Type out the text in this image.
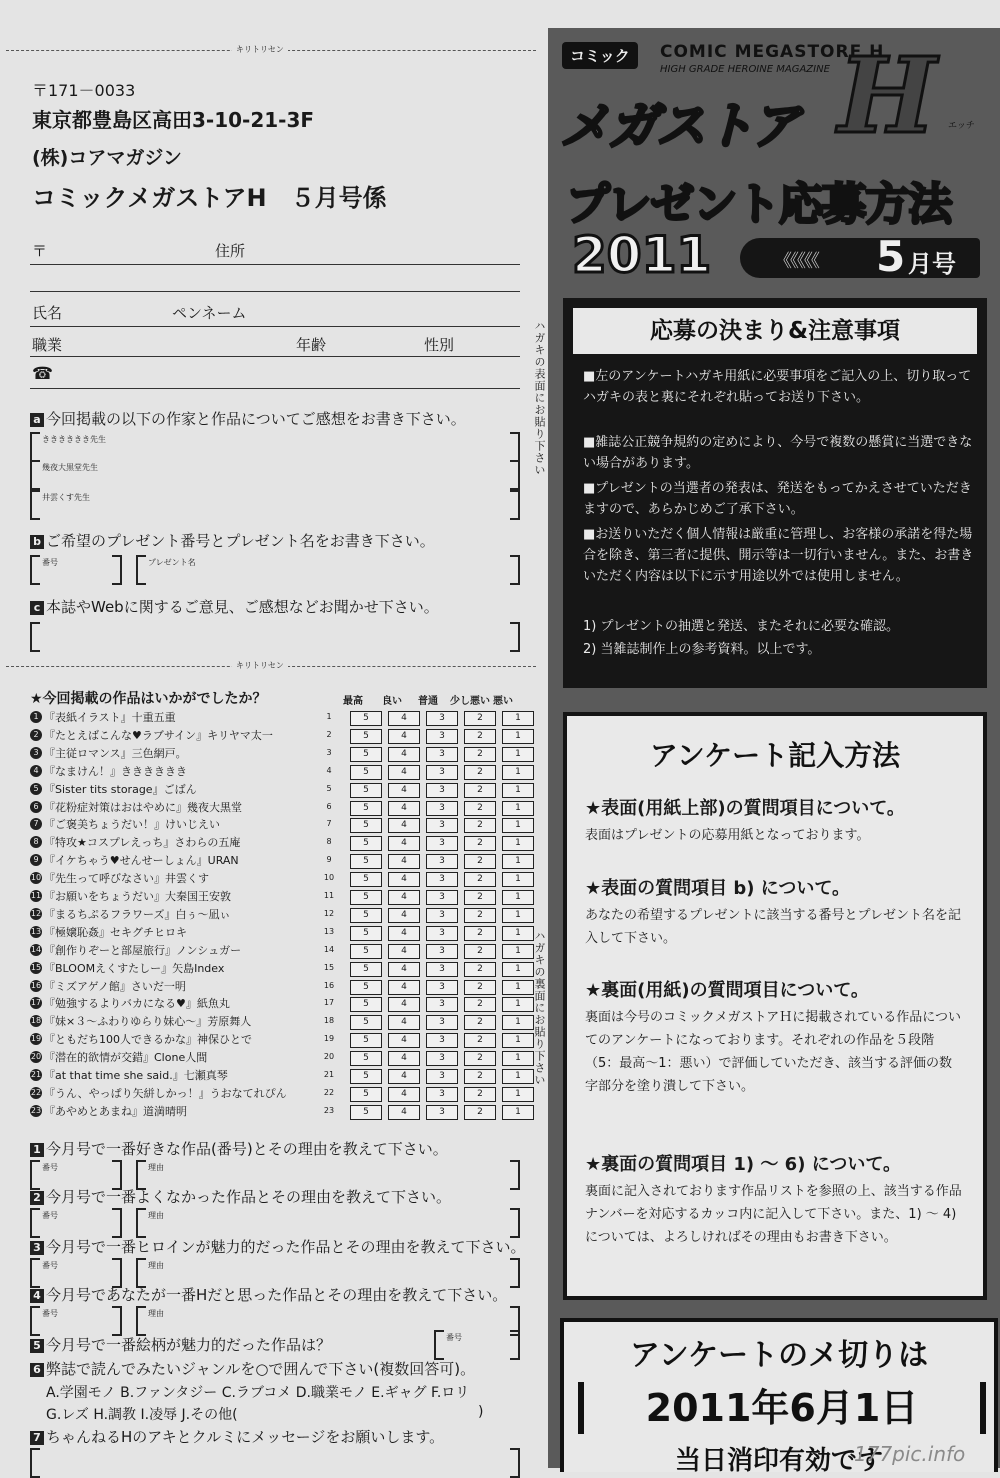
キリトリセン
〒171－0033
東京都豊島区高田3-10-21-3F
(株)コアマガジン
コミックメガストアH　５月号係
〒	住所
氏名	ペンネーム
職業	年齢	性別
☎	ハガキの表面にお貼り下さい
a 今回掲載の以下の作家と作品についてご感想をお書き下さい。
きききききき先生
幾夜大黒堂先生
井雲くす先生
b ご希望のプレゼント番号とプレゼント名をお書き下さい。
番号	プレゼント名
c 本誌やWebに関するご意見、ご感想などお聞かせ下さい。
キリトリセン
★今回掲載の作品はいかがでしたか？	最高 良い 普通 少し悪い 悪い
1 『表紙イラスト』十重五重	1	5	4	3	2	1
2 『たとえばこんな♥ラブサイン』キリヤマ太一	2	5	4	3	2	1
3 『主従ロマンス』三色網戸。	3	5	4	3	2	1
4 『なまけん！』きききききき	4	5	4	3	2	1
5 『Sister tits storage』ごばん	5	5	4	3	2	1
6 『花粉症対策はおはやめに』幾夜大黒堂	6	5	4	3	2	1
7 『ご褒美ちょうだい！』けいじえい	7	5	4	3	2	1
8 『特攻★コスプレえっち』さわらの五庵	8	5	4	3	2	1
9 『イケちゃう♥せんせーしょん』URAN	9	5	4	3	2	1
10 『先生って呼びなさい』井雲くす	10	5	4	3	2	1
11 『お願いをちょうだい』大秦国王安敦	11	5	4	3	2	1
12 『まるちぷるフラワーズ』白ぅ～凪ぃ	12	5	4	3	2	1
13 『極嬢恥姦』セキグチヒロキ	13	5	4	3	2	1
14 『創作りぞーと部屋旅行』ノンシュガー	14	5	4	3	2	1
15 『BLOOMえくすたしー』矢島Index	15	5	4	3	2	1
16 『ミズアゲノ館』さいだ一明	16	5	4	3	2	1
17 『勉強するよりバカになる♥』紙魚丸	17	5	4	3	2	1
18 『妹×３～ふわりゆらり妹心～』芳原舞人	18	5	4	3	2	1
19 『ともだち100人できるかな』神保ひとで	19	5	4	3	2	1
20 『潜在的欲情が交錯』Clone人間	20	5	4	3	2	1
21 『at that time she said.』七瀬真琴	21	5	4	3	2	1
22 『うん、やっぱり矢絣しかっ！』うおなてれぴん	22	5	4	3	2	1
23 『あやめとあまね』道満晴明	23	5	4	3	2	1
ハガキの裏面にお貼り下さい
1 今月号で一番好きな作品(番号)とその理由を教えて下さい。
番号	理由
2 今月号で一番よくなかった作品とその理由を教えて下さい。
番号	理由
3 今月号で一番ヒロインが魅力的だった作品とその理由を教えて下さい。
番号	理由
4 今月号であなたが一番Hだと思った作品とその理由を教えて下さい。
番号	理由
5 今月号で一番絵柄が魅力的だった作品は？	番号
6 弊誌で読んでみたいジャンルを○で囲んで下さい(複数回答可)。
A.学園モノ B.ファンタジー C.ラブコメ D.職業モノ E.ギャグ F.ロリ
G.レズ H.調教 I.凌辱 J.その他(	)
7 ちゃんねるHのアキとクルミにメッセージをお願いします。
コミック	COMIC MEGASTORE H
HIGH GRADE HEROINE MAGAZINE
メガストア H エッチ
プレゼント応募方法
2011	《《《《《 5 月号
応募の決まり&注意事項
■左のアンケートハガキ用紙に必要事項をご記入の上、切り取ってハガキの表と裏にそれぞれ貼ってお送り下さい。
■雑誌公正競争規約の定めにより、今号で複数の懸賞に当選できない場合があります。
■プレゼントの当選者の発表は、発送をもってかえさせていただきますので、あらかじめご了承下さい。
■お送りいただく個人情報は厳重に管理し、お客様の承諾を得た場合を除き、第三者に提供、開示等は一切行いません。また、お書きいただく内容は以下に示す用途以外では使用しません。
1) プレゼントの抽選と発送、またそれに必要な確認。
2) 当雑誌制作上の参考資料。以上です。
アンケート記入方法
★表面(用紙上部)の質問項目について。
表面はプレゼントの応募用紙となっております。
★表面の質問項目 b) について。
あなたの希望するプレゼントに該当する番号とプレゼント名を記入して下さい。
★裏面(用紙)の質問項目について。
裏面は今号のコミックメガストアＨに掲載されている作品についてのアンケートになっております。それぞれの作品を５段階（5：最高～1：悪い）で評価していただき、該当する評価の数字部分を塗り潰して下さい。
★裏面の質問項目 1) ～ 6) について。
裏面に記入されております作品リストを参照の上、該当する作品ナンバーを対応するカッコ内に記入して下さい。また、1) ～ 4) については、よろしければその理由もお書き下さい。
アンケートのメ切りは
2011年6月1日
当日消印有効です
177pic.info
